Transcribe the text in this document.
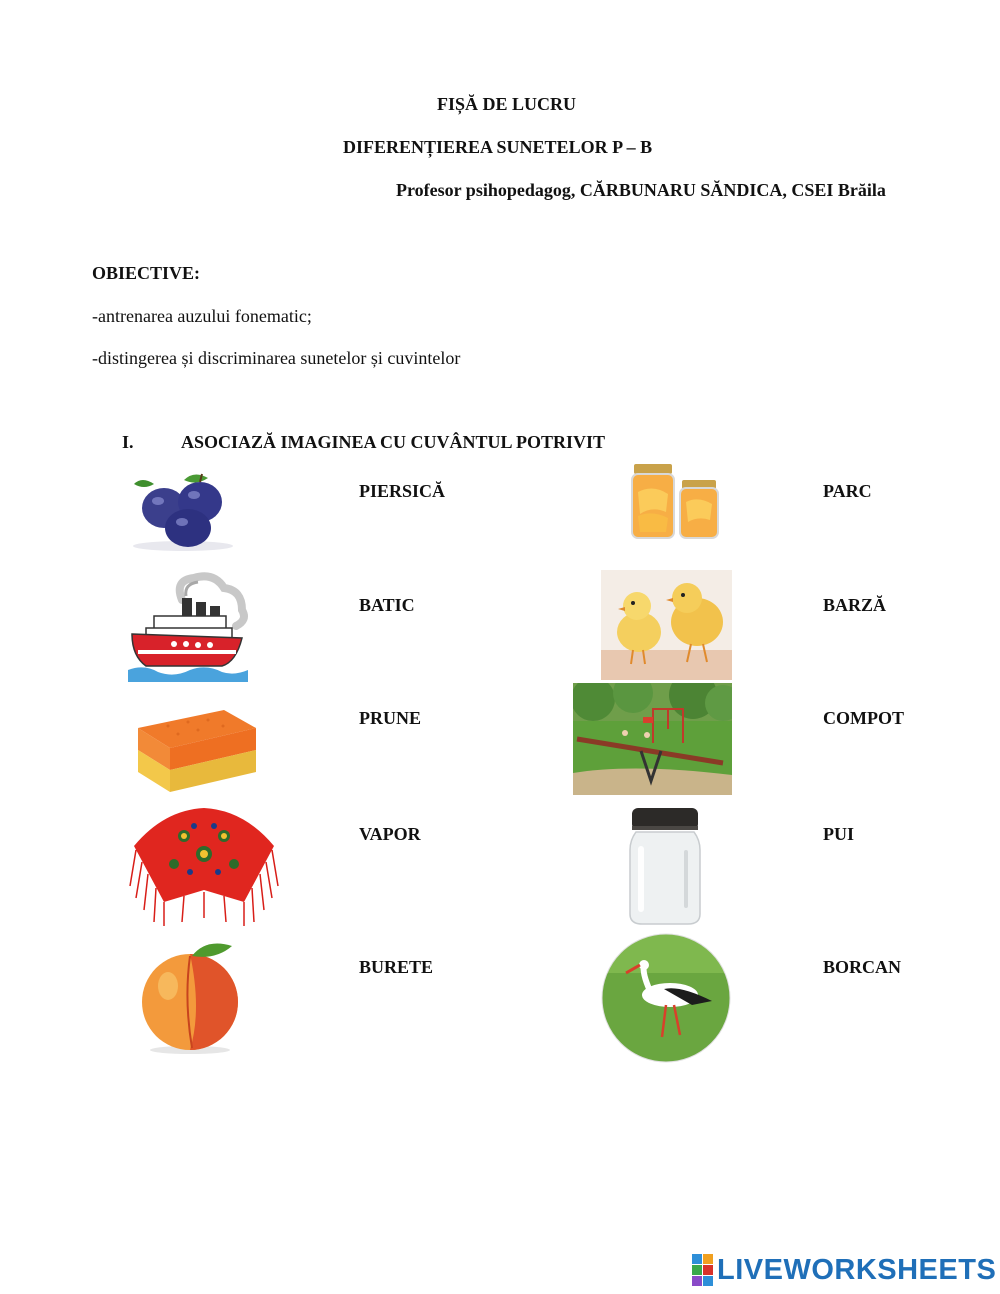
FIȘĂ DE LUCRU
DIFERENȚIEREA SUNETELOR P – B
Profesor psihopedagog, CĂRBUNARU SĂNDICA, CSEI Brăila
OBIECTIVE:
-antrenarea auzului fonematic;
-distingerea și discriminarea sunetelor și cuvintelor
I.	ASOCIAZĂ IMAGINEA CU CUVÂNTUL POTRIVIT
PIERSICĂ
BATIC
PRUNE
VAPOR
BURETE
PARC
BARZĂ
COMPOT
PUI
BORCAN
LIVEWORKSHEETS
